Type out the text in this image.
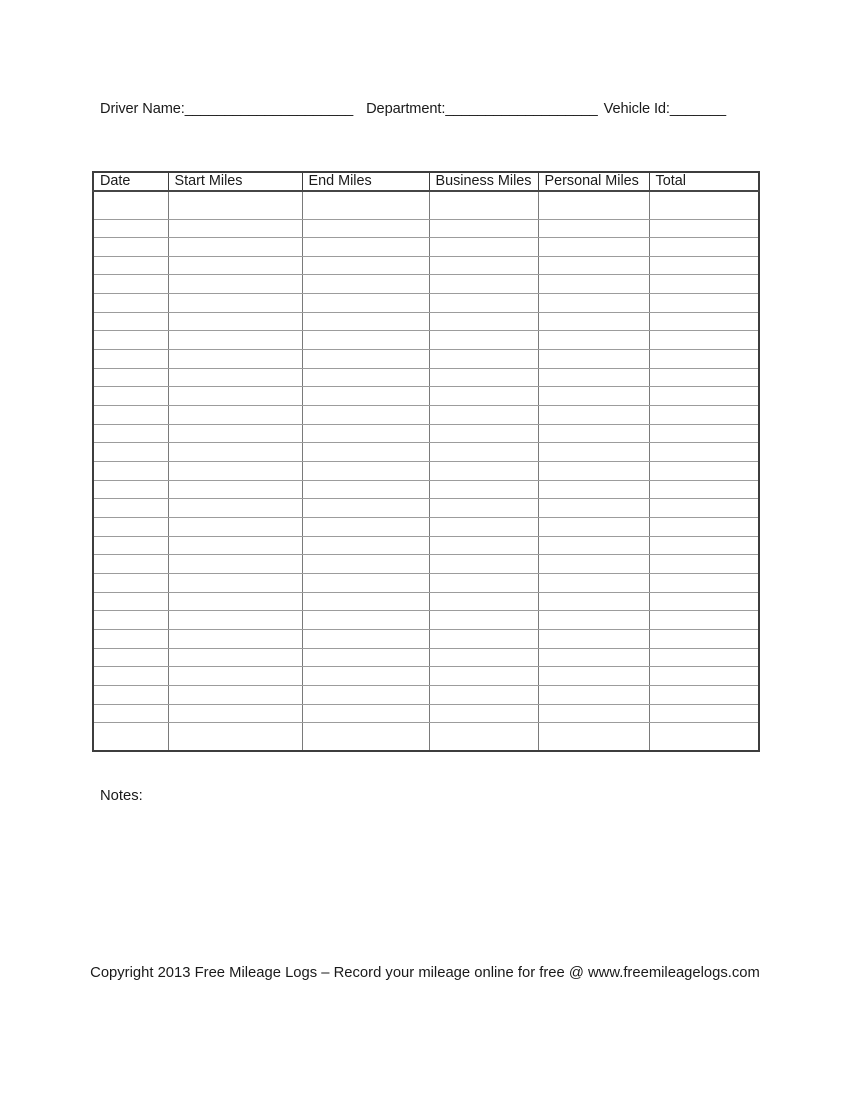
Driver Name:_____________________ Department:___________________ Vehicle Id:_______
Date	Start Miles	End Miles	Business Miles	Personal Miles	Total

Notes:
Copyright 2013 Free Mileage Logs – Record your mileage online for free @ www.freemileagelogs.com
